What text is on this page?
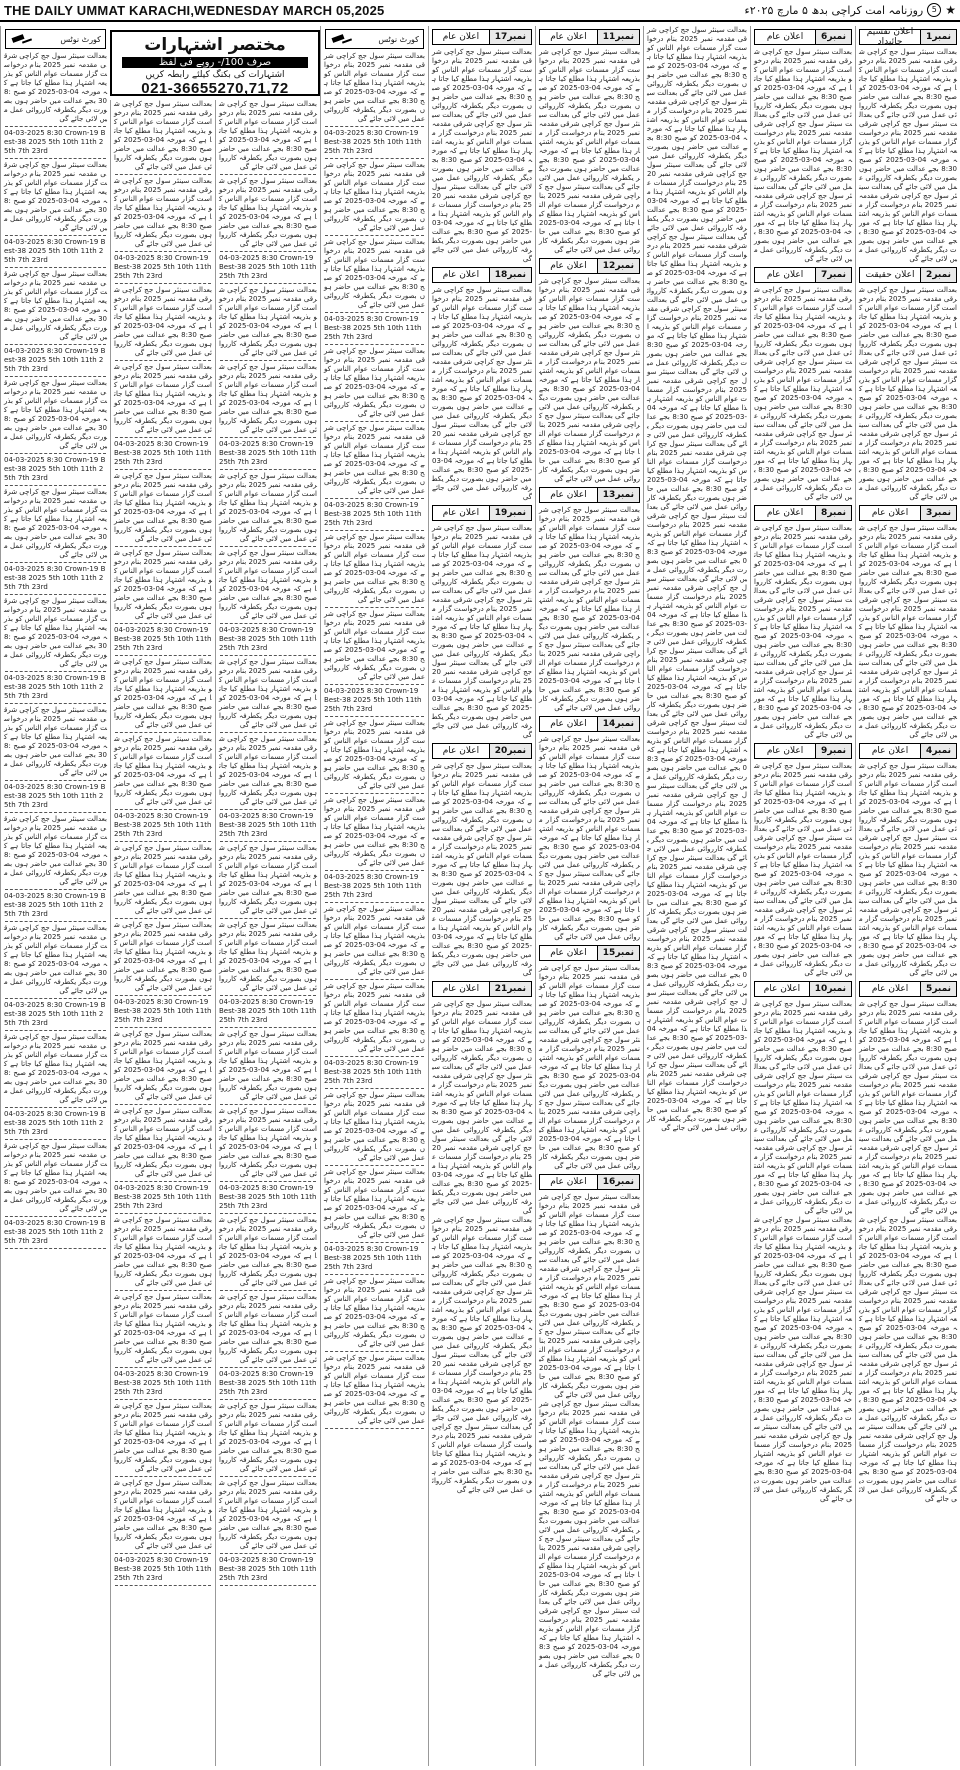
THE DAILY UMMAT KARACHI,WEDNESDAY MARCH 05,2025	★
5
روزنامہ امت کراچی بدھ ۵ مارچ ۲۰۲۵ء
کورٹ نوٹس
بعدالت سینئر سول جج کراچی شرقی مقدمہ نمبر 2025 بنام درخواست گزار مسمات عوام الناس کو بذریعہ اشتہار ہذا مطلع کیا جاتا ہے کہ مورخہ 04-03-2025 کو صبح 8:30 بجے عدالت میں حاضر ہوں بصورت دیگر یکطرفہ کارروائی عمل میں لائی جائے گی
04-03-2025 8:30 Crown-19 Best-38 2025 5th 10th 11th 25th 7th 23rd
بعدالت سینئر سول جج کراچی شرقی مقدمہ نمبر 2025 بنام درخواست گزار مسمات عوام الناس کو بذریعہ اشتہار ہذا مطلع کیا جاتا ہے کہ مورخہ 04-03-2025 کو صبح 8:30 بجے عدالت میں حاضر ہوں بصورت دیگر یکطرفہ کارروائی عمل میں لائی جائے گی
04-03-2025 8:30 Crown-19 Best-38 2025 5th 10th 11th 25th 7th 23rd
بعدالت سینئر سول جج کراچی شرقی مقدمہ نمبر 2025 بنام درخواست گزار مسمات عوام الناس کو بذریعہ اشتہار ہذا مطلع کیا جاتا ہے کہ مورخہ 04-03-2025 کو صبح 8:30 بجے عدالت میں حاضر ہوں بصورت دیگر یکطرفہ کارروائی عمل میں لائی جائے گی
04-03-2025 8:30 Crown-19 Best-38 2025 5th 10th 11th 25th 7th 23rd
بعدالت سینئر سول جج کراچی شرقی مقدمہ نمبر 2025 بنام درخواست گزار مسمات عوام الناس کو بذریعہ اشتہار ہذا مطلع کیا جاتا ہے کہ مورخہ 04-03-2025 کو صبح 8:30 بجے عدالت میں حاضر ہوں بصورت دیگر یکطرفہ کارروائی عمل میں لائی جائے گی
04-03-2025 8:30 Crown-19 Best-38 2025 5th 10th 11th 25th 7th 23rd
بعدالت سینئر سول جج کراچی شرقی مقدمہ نمبر 2025 بنام درخواست گزار مسمات عوام الناس کو بذریعہ اشتہار ہذا مطلع کیا جاتا ہے کہ مورخہ 04-03-2025 کو صبح 8:30 بجے عدالت میں حاضر ہوں بصورت دیگر یکطرفہ کارروائی عمل میں لائی جائے گی
04-03-2025 8:30 Crown-19 Best-38 2025 5th 10th 11th 25th 7th 23rd
بعدالت سینئر سول جج کراچی شرقی مقدمہ نمبر 2025 بنام درخواست گزار مسمات عوام الناس کو بذریعہ اشتہار ہذا مطلع کیا جاتا ہے کہ مورخہ 04-03-2025 کو صبح 8:30 بجے عدالت میں حاضر ہوں بصورت دیگر یکطرفہ کارروائی عمل میں لائی جائے گی
04-03-2025 8:30 Crown-19 Best-38 2025 5th 10th 11th 25th 7th 23rd
بعدالت سینئر سول جج کراچی شرقی مقدمہ نمبر 2025 بنام درخواست گزار مسمات عوام الناس کو بذریعہ اشتہار ہذا مطلع کیا جاتا ہے کہ مورخہ 04-03-2025 کو صبح 8:30 بجے عدالت میں حاضر ہوں بصورت دیگر یکطرفہ کارروائی عمل میں لائی جائے گی
04-03-2025 8:30 Crown-19 Best-38 2025 5th 10th 11th 25th 7th 23rd
بعدالت سینئر سول جج کراچی شرقی مقدمہ نمبر 2025 بنام درخواست گزار مسمات عوام الناس کو بذریعہ اشتہار ہذا مطلع کیا جاتا ہے کہ مورخہ 04-03-2025 کو صبح 8:30 بجے عدالت میں حاضر ہوں بصورت دیگر یکطرفہ کارروائی عمل میں لائی جائے گی
04-03-2025 8:30 Crown-19 Best-38 2025 5th 10th 11th 25th 7th 23rd
بعدالت سینئر سول جج کراچی شرقی مقدمہ نمبر 2025 بنام درخواست گزار مسمات عوام الناس کو بذریعہ اشتہار ہذا مطلع کیا جاتا ہے کہ مورخہ 04-03-2025 کو صبح 8:30 بجے عدالت میں حاضر ہوں بصورت دیگر یکطرفہ کارروائی عمل میں لائی جائے گی
04-03-2025 8:30 Crown-19 Best-38 2025 5th 10th 11th 25th 7th 23rd
بعدالت سینئر سول جج کراچی شرقی مقدمہ نمبر 2025 بنام درخواست گزار مسمات عوام الناس کو بذریعہ اشتہار ہذا مطلع کیا جاتا ہے کہ مورخہ 04-03-2025 کو صبح 8:30 بجے عدالت میں حاضر ہوں بصورت دیگر یکطرفہ کارروائی عمل میں لائی جائے گی
04-03-2025 8:30 Crown-19 Best-38 2025 5th 10th 11th 25th 7th 23rd
بعدالت سینئر سول جج کراچی شرقی مقدمہ نمبر 2025 بنام درخواست گزار مسمات عوام الناس کو بذریعہ اشتہار ہذا مطلع کیا جاتا ہے کہ مورخہ 04-03-2025 کو صبح 8:30 بجے عدالت میں حاضر ہوں بصورت دیگر یکطرفہ کارروائی عمل میں لائی جائے گی
04-03-2025 8:30 Crown-19 Best-38 2025 5th 10th 11th 25th 7th 23rd
بعدالت سینئر سول جج کراچی شرقی مقدمہ نمبر 2025 بنام درخواست گزار مسمات عوام الناس کو بذریعہ اشتہار ہذا مطلع کیا جاتا ہے کہ مورخہ 04-03-2025 کو صبح 8:30 بجے عدالت میں حاضر ہوں بصورت دیگر یکطرفہ کارروائی عمل میں لائی جائے گی
بعدالت سینئر سول جج کراچی شرقی مقدمہ نمبر 2025 بنام درخواست گزار مسمات عوام الناس کو بذریعہ اشتہار ہذا مطلع کیا جاتا ہے کہ مورخہ 04-03-2025 کو صبح 8:30 بجے عدالت میں حاضر ہوں بصورت دیگر یکطرفہ کارروائی عمل میں لائی جائے گی
04-03-2025 8:30 Crown-19 Best-38 2025 5th 10th 11th 25th 7th 23rd
بعدالت سینئر سول جج کراچی شرقی مقدمہ نمبر 2025 بنام درخواست گزار مسمات عوام الناس کو بذریعہ اشتہار ہذا مطلع کیا جاتا ہے کہ مورخہ 04-03-2025 کو صبح 8:30 بجے عدالت میں حاضر ہوں بصورت دیگر یکطرفہ کارروائی عمل میں لائی جائے گی
بعدالت سینئر سول جج کراچی شرقی مقدمہ نمبر 2025 بنام درخواست گزار مسمات عوام الناس کو بذریعہ اشتہار ہذا مطلع کیا جاتا ہے کہ مورخہ 04-03-2025 کو صبح 8:30 بجے عدالت میں حاضر ہوں بصورت دیگر یکطرفہ کارروائی عمل میں لائی جائے گی
04-03-2025 8:30 Crown-19 Best-38 2025 5th 10th 11th 25th 7th 23rd
بعدالت سینئر سول جج کراچی شرقی مقدمہ نمبر 2025 بنام درخواست گزار مسمات عوام الناس کو بذریعہ اشتہار ہذا مطلع کیا جاتا ہے کہ مورخہ 04-03-2025 کو صبح 8:30 بجے عدالت میں حاضر ہوں بصورت دیگر یکطرفہ کارروائی عمل میں لائی جائے گی
بعدالت سینئر سول جج کراچی شرقی مقدمہ نمبر 2025 بنام درخواست گزار مسمات عوام الناس کو بذریعہ اشتہار ہذا مطلع کیا جاتا ہے کہ مورخہ 04-03-2025 کو صبح 8:30 بجے عدالت میں حاضر ہوں بصورت دیگر یکطرفہ کارروائی عمل میں لائی جائے گی
04-03-2025 8:30 Crown-19 Best-38 2025 5th 10th 11th 25th 7th 23rd
بعدالت سینئر سول جج کراچی شرقی مقدمہ نمبر 2025 بنام درخواست گزار مسمات عوام الناس کو بذریعہ اشتہار ہذا مطلع کیا جاتا ہے کہ مورخہ 04-03-2025 کو صبح 8:30 بجے عدالت میں حاضر ہوں بصورت دیگر یکطرفہ کارروائی عمل میں لائی جائے گی
بعدالت سینئر سول جج کراچی شرقی مقدمہ نمبر 2025 بنام درخواست گزار مسمات عوام الناس کو بذریعہ اشتہار ہذا مطلع کیا جاتا ہے کہ مورخہ 04-03-2025 کو صبح 8:30 بجے عدالت میں حاضر ہوں بصورت دیگر یکطرفہ کارروائی عمل میں لائی جائے گی
04-03-2025 8:30 Crown-19 Best-38 2025 5th 10th 11th 25th 7th 23rd
بعدالت سینئر سول جج کراچی شرقی مقدمہ نمبر 2025 بنام درخواست گزار مسمات عوام الناس کو بذریعہ اشتہار ہذا مطلع کیا جاتا ہے کہ مورخہ 04-03-2025 کو صبح 8:30 بجے عدالت میں حاضر ہوں بصورت دیگر یکطرفہ کارروائی عمل میں لائی جائے گی
بعدالت سینئر سول جج کراچی شرقی مقدمہ نمبر 2025 بنام درخواست گزار مسمات عوام الناس کو بذریعہ اشتہار ہذا مطلع کیا جاتا ہے کہ مورخہ 04-03-2025 کو صبح 8:30 بجے عدالت میں حاضر ہوں بصورت دیگر یکطرفہ کارروائی عمل میں لائی جائے گی
04-03-2025 8:30 Crown-19 Best-38 2025 5th 10th 11th 25th 7th 23rd
بعدالت سینئر سول جج کراچی شرقی مقدمہ نمبر 2025 بنام درخواست گزار مسمات عوام الناس کو بذریعہ اشتہار ہذا مطلع کیا جاتا ہے کہ مورخہ 04-03-2025 کو صبح 8:30 بجے عدالت میں حاضر ہوں بصورت دیگر یکطرفہ کارروائی عمل میں لائی جائے گی
بعدالت سینئر سول جج کراچی شرقی مقدمہ نمبر 2025 بنام درخواست گزار مسمات عوام الناس کو بذریعہ اشتہار ہذا مطلع کیا جاتا ہے کہ مورخہ 04-03-2025 کو صبح 8:30 بجے عدالت میں حاضر ہوں بصورت دیگر یکطرفہ کارروائی عمل میں لائی جائے گی
04-03-2025 8:30 Crown-19 Best-38 2025 5th 10th 11th 25th 7th 23rd
بعدالت سینئر سول جج کراچی شرقی مقدمہ نمبر 2025 بنام درخواست گزار مسمات عوام الناس کو بذریعہ اشتہار ہذا مطلع کیا جاتا ہے کہ مورخہ 04-03-2025 کو صبح 8:30 بجے عدالت میں حاضر ہوں بصورت دیگر یکطرفہ کارروائی عمل میں لائی جائے گی
بعدالت سینئر سول جج کراچی شرقی مقدمہ نمبر 2025 بنام درخواست گزار مسمات عوام الناس کو بذریعہ اشتہار ہذا مطلع کیا جاتا ہے کہ مورخہ 04-03-2025 کو صبح 8:30 بجے عدالت میں حاضر ہوں بصورت دیگر یکطرفہ کارروائی عمل میں لائی جائے گی
04-03-2025 8:30 Crown-19 Best-38 2025 5th 10th 11th 25th 7th 23rd
بعدالت سینئر سول جج کراچی شرقی مقدمہ نمبر 2025 بنام درخواست گزار مسمات عوام الناس کو بذریعہ اشتہار ہذا مطلع کیا جاتا ہے کہ مورخہ 04-03-2025 کو صبح 8:30 بجے عدالت میں حاضر ہوں بصورت دیگر یکطرفہ کارروائی عمل میں لائی جائے گی
بعدالت سینئر سول جج کراچی شرقی مقدمہ نمبر 2025 بنام درخواست گزار مسمات عوام الناس کو بذریعہ اشتہار ہذا مطلع کیا جاتا ہے کہ مورخہ 04-03-2025 کو صبح 8:30 بجے عدالت میں حاضر ہوں بصورت دیگر یکطرفہ کارروائی عمل میں لائی جائے گی
04-03-2025 8:30 Crown-19 Best-38 2025 5th 10th 11th 25th 7th 23rd
بعدالت سینئر سول جج کراچی شرقی مقدمہ نمبر 2025 بنام درخواست گزار مسمات عوام الناس کو بذریعہ اشتہار ہذا مطلع کیا جاتا ہے کہ مورخہ 04-03-2025 کو صبح 8:30 بجے عدالت میں حاضر ہوں بصورت دیگر یکطرفہ کارروائی عمل میں لائی جائے گی
بعدالت سینئر سول جج کراچی شرقی مقدمہ نمبر 2025 بنام درخواست گزار مسمات عوام الناس کو بذریعہ اشتہار ہذا مطلع کیا جاتا ہے کہ مورخہ 04-03-2025 کو صبح 8:30 بجے عدالت میں حاضر ہوں بصورت دیگر یکطرفہ کارروائی عمل میں لائی جائے گی
04-03-2025 8:30 Crown-19 Best-38 2025 5th 10th 11th 25th 7th 23rd
بعدالت سینئر سول جج کراچی شرقی مقدمہ نمبر 2025 بنام درخواست گزار مسمات عوام الناس کو بذریعہ اشتہار ہذا مطلع کیا جاتا ہے کہ مورخہ 04-03-2025 کو صبح 8:30 بجے عدالت میں حاضر ہوں بصورت دیگر یکطرفہ کارروائی عمل میں لائی جائے گی
بعدالت سینئر سول جج کراچی شرقی مقدمہ نمبر 2025 بنام درخواست گزار مسمات عوام الناس کو بذریعہ اشتہار ہذا مطلع کیا جاتا ہے کہ مورخہ 04-03-2025 کو صبح 8:30 بجے عدالت میں حاضر ہوں بصورت دیگر یکطرفہ کارروائی عمل میں لائی جائے گی
04-03-2025 8:30 Crown-19 Best-38 2025 5th 10th 11th 25th 7th 23rd
بعدالت سینئر سول جج کراچی شرقی مقدمہ نمبر 2025 بنام درخواست گزار مسمات عوام الناس کو بذریعہ اشتہار ہذا مطلع کیا جاتا ہے کہ مورخہ 04-03-2025 کو صبح 8:30 بجے عدالت میں حاضر ہوں بصورت دیگر یکطرفہ کارروائی عمل میں لائی جائے گی
بعدالت سینئر سول جج کراچی شرقی مقدمہ نمبر 2025 بنام درخواست گزار مسمات عوام الناس کو بذریعہ اشتہار ہذا مطلع کیا جاتا ہے کہ مورخہ 04-03-2025 کو صبح 8:30 بجے عدالت میں حاضر ہوں بصورت دیگر یکطرفہ کارروائی عمل میں لائی جائے گی
04-03-2025 8:30 Crown-19 Best-38 2025 5th 10th 11th 25th 7th 23rd
بعدالت سینئر سول جج کراچی شرقی مقدمہ نمبر 2025 بنام درخواست گزار مسمات عوام الناس کو بذریعہ اشتہار ہذا مطلع کیا جاتا ہے کہ مورخہ 04-03-2025 کو صبح 8:30 بجے عدالت میں حاضر ہوں بصورت دیگر یکطرفہ کارروائی عمل میں لائی جائے گی
بعدالت سینئر سول جج کراچی شرقی مقدمہ نمبر 2025 بنام درخواست گزار مسمات عوام الناس کو بذریعہ اشتہار ہذا مطلع کیا جاتا ہے کہ مورخہ 04-03-2025 کو صبح 8:30 بجے عدالت میں حاضر ہوں بصورت دیگر یکطرفہ کارروائی عمل میں لائی جائے گی
04-03-2025 8:30 Crown-19 Best-38 2025 5th 10th 11th 25th 7th 23rd
بعدالت سینئر سول جج کراچی شرقی مقدمہ نمبر 2025 بنام درخواست گزار مسمات عوام الناس کو بذریعہ اشتہار ہذا مطلع کیا جاتا ہے کہ مورخہ 04-03-2025 کو صبح 8:30 بجے عدالت میں حاضر ہوں بصورت دیگر یکطرفہ کارروائی عمل میں لائی جائے گی
بعدالت سینئر سول جج کراچی شرقی مقدمہ نمبر 2025 بنام درخواست گزار مسمات عوام الناس کو بذریعہ اشتہار ہذا مطلع کیا جاتا ہے کہ مورخہ 04-03-2025 کو صبح 8:30 بجے عدالت میں حاضر ہوں بصورت دیگر یکطرفہ کارروائی عمل میں لائی جائے گی
04-03-2025 8:30 Crown-19 Best-38 2025 5th 10th 11th 25th 7th 23rd
بعدالت سینئر سول جج کراچی شرقی مقدمہ نمبر 2025 بنام درخواست گزار مسمات عوام الناس کو بذریعہ اشتہار ہذا مطلع کیا جاتا ہے کہ مورخہ 04-03-2025 کو صبح 8:30 بجے عدالت میں حاضر ہوں بصورت دیگر یکطرفہ کارروائی عمل میں لائی جائے گی
بعدالت سینئر سول جج کراچی شرقی مقدمہ نمبر 2025 بنام درخواست گزار مسمات عوام الناس کو بذریعہ اشتہار ہذا مطلع کیا جاتا ہے کہ مورخہ 04-03-2025 کو صبح 8:30 بجے عدالت میں حاضر ہوں بصورت دیگر یکطرفہ کارروائی عمل میں لائی جائے گی
04-03-2025 8:30 Crown-19 Best-38 2025 5th 10th 11th 25th 7th 23rd
بعدالت سینئر سول جج کراچی شرقی مقدمہ نمبر 2025 بنام درخواست گزار مسمات عوام الناس کو بذریعہ اشتہار ہذا مطلع کیا جاتا ہے کہ مورخہ 04-03-2025 کو صبح 8:30 بجے عدالت میں حاضر ہوں بصورت دیگر یکطرفہ کارروائی عمل میں لائی جائے گی
بعدالت سینئر سول جج کراچی شرقی مقدمہ نمبر 2025 بنام درخواست گزار مسمات عوام الناس کو بذریعہ اشتہار ہذا مطلع کیا جاتا ہے کہ مورخہ 04-03-2025 کو صبح 8:30 بجے عدالت میں حاضر ہوں بصورت دیگر یکطرفہ کارروائی عمل میں لائی جائے گی
04-03-2025 8:30 Crown-19 Best-38 2025 5th 10th 11th 25th 7th 23rd
بعدالت سینئر سول جج کراچی شرقی مقدمہ نمبر 2025 بنام درخواست گزار مسمات عوام الناس کو بذریعہ اشتہار ہذا مطلع کیا جاتا ہے کہ مورخہ 04-03-2025 کو صبح 8:30 بجے عدالت میں حاضر ہوں بصورت دیگر یکطرفہ کارروائی عمل میں لائی جائے گی
بعدالت سینئر سول جج کراچی شرقی مقدمہ نمبر 2025 بنام درخواست گزار مسمات عوام الناس کو بذریعہ اشتہار ہذا مطلع کیا جاتا ہے کہ مورخہ 04-03-2025 کو صبح 8:30 بجے عدالت میں حاضر ہوں بصورت دیگر یکطرفہ کارروائی عمل میں لائی جائے گی
04-03-2025 8:30 Crown-19 Best-38 2025 5th 10th 11th 25th 7th 23rd
کورٹ نوٹس
بعدالت سینئر سول جج کراچی شرقی مقدمہ نمبر 2025 بنام درخواست گزار مسمات عوام الناس کو بذریعہ اشتہار ہذا مطلع کیا جاتا ہے کہ مورخہ 04-03-2025 کو صبح 8:30 بجے عدالت میں حاضر ہوں بصورت دیگر یکطرفہ کارروائی عمل میں لائی جائے گی
04-03-2025 8:30 Crown-19 Best-38 2025 5th 10th 11th 25th 7th 23rd
بعدالت سینئر سول جج کراچی شرقی مقدمہ نمبر 2025 بنام درخواست گزار مسمات عوام الناس کو بذریعہ اشتہار ہذا مطلع کیا جاتا ہے کہ مورخہ 04-03-2025 کو صبح 8:30 بجے عدالت میں حاضر ہوں بصورت دیگر یکطرفہ کارروائی عمل میں لائی جائے گی
بعدالت سینئر سول جج کراچی شرقی مقدمہ نمبر 2025 بنام درخواست گزار مسمات عوام الناس کو بذریعہ اشتہار ہذا مطلع کیا جاتا ہے کہ مورخہ 04-03-2025 کو صبح 8:30 بجے عدالت میں حاضر ہوں بصورت دیگر یکطرفہ کارروائی عمل میں لائی جائے گی
04-03-2025 8:30 Crown-19 Best-38 2025 5th 10th 11th 25th 7th 23rd
بعدالت سینئر سول جج کراچی شرقی مقدمہ نمبر 2025 بنام درخواست گزار مسمات عوام الناس کو بذریعہ اشتہار ہذا مطلع کیا جاتا ہے کہ مورخہ 04-03-2025 کو صبح 8:30 بجے عدالت میں حاضر ہوں بصورت دیگر یکطرفہ کارروائی عمل میں لائی جائے گی
بعدالت سینئر سول جج کراچی شرقی مقدمہ نمبر 2025 بنام درخواست گزار مسمات عوام الناس کو بذریعہ اشتہار ہذا مطلع کیا جاتا ہے کہ مورخہ 04-03-2025 کو صبح 8:30 بجے عدالت میں حاضر ہوں بصورت دیگر یکطرفہ کارروائی عمل میں لائی جائے گی
04-03-2025 8:30 Crown-19 Best-38 2025 5th 10th 11th 25th 7th 23rd
بعدالت سینئر سول جج کراچی شرقی مقدمہ نمبر 2025 بنام درخواست گزار مسمات عوام الناس کو بذریعہ اشتہار ہذا مطلع کیا جاتا ہے کہ مورخہ 04-03-2025 کو صبح 8:30 بجے عدالت میں حاضر ہوں بصورت دیگر یکطرفہ کارروائی عمل میں لائی جائے گی
بعدالت سینئر سول جج کراچی شرقی مقدمہ نمبر 2025 بنام درخواست گزار مسمات عوام الناس کو بذریعہ اشتہار ہذا مطلع کیا جاتا ہے کہ مورخہ 04-03-2025 کو صبح 8:30 بجے عدالت میں حاضر ہوں بصورت دیگر یکطرفہ کارروائی عمل میں لائی جائے گی
04-03-2025 8:30 Crown-19 Best-38 2025 5th 10th 11th 25th 7th 23rd
بعدالت سینئر سول جج کراچی شرقی مقدمہ نمبر 2025 بنام درخواست گزار مسمات عوام الناس کو بذریعہ اشتہار ہذا مطلع کیا جاتا ہے کہ مورخہ 04-03-2025 کو صبح 8:30 بجے عدالت میں حاضر ہوں بصورت دیگر یکطرفہ کارروائی عمل میں لائی جائے گی
بعدالت سینئر سول جج کراچی شرقی مقدمہ نمبر 2025 بنام درخواست گزار مسمات عوام الناس کو بذریعہ اشتہار ہذا مطلع کیا جاتا ہے کہ مورخہ 04-03-2025 کو صبح 8:30 بجے عدالت میں حاضر ہوں بصورت دیگر یکطرفہ کارروائی عمل میں لائی جائے گی
04-03-2025 8:30 Crown-19 Best-38 2025 5th 10th 11th 25th 7th 23rd
بعدالت سینئر سول جج کراچی شرقی مقدمہ نمبر 2025 بنام درخواست گزار مسمات عوام الناس کو بذریعہ اشتہار ہذا مطلع کیا جاتا ہے کہ مورخہ 04-03-2025 کو صبح 8:30 بجے عدالت میں حاضر ہوں بصورت دیگر یکطرفہ کارروائی عمل میں لائی جائے گی
بعدالت سینئر سول جج کراچی شرقی مقدمہ نمبر 2025 بنام درخواست گزار مسمات عوام الناس کو بذریعہ اشتہار ہذا مطلع کیا جاتا ہے کہ مورخہ 04-03-2025 کو صبح 8:30 بجے عدالت میں حاضر ہوں بصورت دیگر یکطرفہ کارروائی عمل میں لائی جائے گی
04-03-2025 8:30 Crown-19 Best-38 2025 5th 10th 11th 25th 7th 23rd
بعدالت سینئر سول جج کراچی شرقی مقدمہ نمبر 2025 بنام درخواست گزار مسمات عوام الناس کو بذریعہ اشتہار ہذا مطلع کیا جاتا ہے کہ مورخہ 04-03-2025 کو صبح 8:30 بجے عدالت میں حاضر ہوں بصورت دیگر یکطرفہ کارروائی عمل میں لائی جائے گی
بعدالت سینئر سول جج کراچی شرقی مقدمہ نمبر 2025 بنام درخواست گزار مسمات عوام الناس کو بذریعہ اشتہار ہذا مطلع کیا جاتا ہے کہ مورخہ 04-03-2025 کو صبح 8:30 بجے عدالت میں حاضر ہوں بصورت دیگر یکطرفہ کارروائی عمل میں لائی جائے گی
04-03-2025 8:30 Crown-19 Best-38 2025 5th 10th 11th 25th 7th 23rd
بعدالت سینئر سول جج کراچی شرقی مقدمہ نمبر 2025 بنام درخواست گزار مسمات عوام الناس کو بذریعہ اشتہار ہذا مطلع کیا جاتا ہے کہ مورخہ 04-03-2025 کو صبح 8:30 بجے عدالت میں حاضر ہوں بصورت دیگر یکطرفہ کارروائی عمل میں لائی جائے گی
بعدالت سینئر سول جج کراچی شرقی مقدمہ نمبر 2025 بنام درخواست گزار مسمات عوام الناس کو بذریعہ اشتہار ہذا مطلع کیا جاتا ہے کہ مورخہ 04-03-2025 کو صبح 8:30 بجے عدالت میں حاضر ہوں بصورت دیگر یکطرفہ کارروائی عمل میں لائی جائے گی
نمبر17
اعلان عام
بعدالت سینئر سول جج کراچی شرقی مقدمہ نمبر 2025 بنام درخواست گزار مسمات عوام الناس کو بذریعہ اشتہار ہذا مطلع کیا جاتا ہے کہ مورخہ 04-03-2025 کو صبح 8:30 بجے عدالت میں حاضر ہوں بصورت دیگر یکطرفہ کارروائی عمل میں لائی جائے گی بعدالت سینئر سول جج کراچی شرقی مقدمہ نمبر 2025 بنام درخواست گزار مسمات عوام الناس کو بذریعہ اشتہار ہذا مطلع کیا جاتا ہے کہ مورخہ 04-03-2025 کو صبح 8:30 بجے عدالت میں حاضر ہوں بصورت دیگر یکطرفہ کارروائی عمل میں لائی جائے گی بعدالت سینئر سول جج کراچی شرقی مقدمہ نمبر 2025 بنام درخواست گزار مسمات عوام الناس کو بذریعہ اشتہار ہذا مطلع کیا جاتا ہے کہ مورخہ 04-03-2025 کو صبح 8:30 بجے عدالت میں حاضر ہوں بصورت دیگر یکطرفہ کارروائی عمل میں لائی جائے گی
نمبر18
اعلان عام
بعدالت سینئر سول جج کراچی شرقی مقدمہ نمبر 2025 بنام درخواست گزار مسمات عوام الناس کو بذریعہ اشتہار ہذا مطلع کیا جاتا ہے کہ مورخہ 04-03-2025 کو صبح 8:30 بجے عدالت میں حاضر ہوں بصورت دیگر یکطرفہ کارروائی عمل میں لائی جائے گی بعدالت سینئر سول جج کراچی شرقی مقدمہ نمبر 2025 بنام درخواست گزار مسمات عوام الناس کو بذریعہ اشتہار ہذا مطلع کیا جاتا ہے کہ مورخہ 04-03-2025 کو صبح 8:30 بجے عدالت میں حاضر ہوں بصورت دیگر یکطرفہ کارروائی عمل میں لائی جائے گی بعدالت سینئر سول جج کراچی شرقی مقدمہ نمبر 2025 بنام درخواست گزار مسمات عوام الناس کو بذریعہ اشتہار ہذا مطلع کیا جاتا ہے کہ مورخہ 04-03-2025 کو صبح 8:30 بجے عدالت میں حاضر ہوں بصورت دیگر یکطرفہ کارروائی عمل میں لائی جائے گی
نمبر19
اعلان عام
بعدالت سینئر سول جج کراچی شرقی مقدمہ نمبر 2025 بنام درخواست گزار مسمات عوام الناس کو بذریعہ اشتہار ہذا مطلع کیا جاتا ہے کہ مورخہ 04-03-2025 کو صبح 8:30 بجے عدالت میں حاضر ہوں بصورت دیگر یکطرفہ کارروائی عمل میں لائی جائے گی بعدالت سینئر سول جج کراچی شرقی مقدمہ نمبر 2025 بنام درخواست گزار مسمات عوام الناس کو بذریعہ اشتہار ہذا مطلع کیا جاتا ہے کہ مورخہ 04-03-2025 کو صبح 8:30 بجے عدالت میں حاضر ہوں بصورت دیگر یکطرفہ کارروائی عمل میں لائی جائے گی بعدالت سینئر سول جج کراچی شرقی مقدمہ نمبر 2025 بنام درخواست گزار مسمات عوام الناس کو بذریعہ اشتہار ہذا مطلع کیا جاتا ہے کہ مورخہ 04-03-2025 کو صبح 8:30 بجے عدالت میں حاضر ہوں بصورت دیگر یکطرفہ کارروائی عمل میں لائی جائے گی
نمبر20
اعلان عام
بعدالت سینئر سول جج کراچی شرقی مقدمہ نمبر 2025 بنام درخواست گزار مسمات عوام الناس کو بذریعہ اشتہار ہذا مطلع کیا جاتا ہے کہ مورخہ 04-03-2025 کو صبح 8:30 بجے عدالت میں حاضر ہوں بصورت دیگر یکطرفہ کارروائی عمل میں لائی جائے گی بعدالت سینئر سول جج کراچی شرقی مقدمہ نمبر 2025 بنام درخواست گزار مسمات عوام الناس کو بذریعہ اشتہار ہذا مطلع کیا جاتا ہے کہ مورخہ 04-03-2025 کو صبح 8:30 بجے عدالت میں حاضر ہوں بصورت دیگر یکطرفہ کارروائی عمل میں لائی جائے گی بعدالت سینئر سول جج کراچی شرقی مقدمہ نمبر 2025 بنام درخواست گزار مسمات عوام الناس کو بذریعہ اشتہار ہذا مطلع کیا جاتا ہے کہ مورخہ 04-03-2025 کو صبح 8:30 بجے عدالت میں حاضر ہوں بصورت دیگر یکطرفہ کارروائی عمل میں لائی جائے گی
نمبر21
اعلان عام
بعدالت سینئر سول جج کراچی شرقی مقدمہ نمبر 2025 بنام درخواست گزار مسمات عوام الناس کو بذریعہ اشتہار ہذا مطلع کیا جاتا ہے کہ مورخہ 04-03-2025 کو صبح 8:30 بجے عدالت میں حاضر ہوں بصورت دیگر یکطرفہ کارروائی عمل میں لائی جائے گی بعدالت سینئر سول جج کراچی شرقی مقدمہ نمبر 2025 بنام درخواست گزار مسمات عوام الناس کو بذریعہ اشتہار ہذا مطلع کیا جاتا ہے کہ مورخہ 04-03-2025 کو صبح 8:30 بجے عدالت میں حاضر ہوں بصورت دیگر یکطرفہ کارروائی عمل میں لائی جائے گی بعدالت سینئر سول جج کراچی شرقی مقدمہ نمبر 2025 بنام درخواست گزار مسمات عوام الناس کو بذریعہ اشتہار ہذا مطلع کیا جاتا ہے کہ مورخہ 04-03-2025 کو صبح 8:30 بجے عدالت میں حاضر ہوں بصورت دیگر یکطرفہ کارروائی عمل میں لائی جائے گی
بعدالت سینئر سول جج کراچی شرقی مقدمہ نمبر 2025 بنام درخواست گزار مسمات عوام الناس کو بذریعہ اشتہار ہذا مطلع کیا جاتا ہے کہ مورخہ 04-03-2025 کو صبح 8:30 بجے عدالت میں حاضر ہوں بصورت دیگر یکطرفہ کارروائی عمل میں لائی جائے گی بعدالت سینئر سول جج کراچی شرقی مقدمہ نمبر 2025 بنام درخواست گزار مسمات عوام الناس کو بذریعہ اشتہار ہذا مطلع کیا جاتا ہے کہ مورخہ 04-03-2025 کو صبح 8:30 بجے عدالت میں حاضر ہوں بصورت دیگر یکطرفہ کارروائی عمل میں لائی جائے گی بعدالت سینئر سول جج کراچی شرقی مقدمہ نمبر 2025 بنام درخواست گزار مسمات عوام الناس کو بذریعہ اشتہار ہذا مطلع کیا جاتا ہے کہ مورخہ 04-03-2025 کو صبح 8:30 بجے عدالت میں حاضر ہوں بصورت دیگر یکطرفہ کارروائی عمل میں لائی جائے گی بعدالت سینئر سول جج کراچی شرقی مقدمہ نمبر 2025 بنام درخواست گزار مسمات عوام الناس کو بذریعہ اشتہار ہذا مطلع کیا جاتا ہے کہ مورخہ 04-03-2025 کو صبح 8:30 بجے عدالت میں حاضر ہوں بصورت دیگر یکطرفہ کارروائی عمل میں لائی جائے گی
نمبر11
اعلان عام
بعدالت سینئر سول جج کراچی شرقی مقدمہ نمبر 2025 بنام درخواست گزار مسمات عوام الناس کو بذریعہ اشتہار ہذا مطلع کیا جاتا ہے کہ مورخہ 04-03-2025 کو صبح 8:30 بجے عدالت میں حاضر ہوں بصورت دیگر یکطرفہ کارروائی عمل میں لائی جائے گی بعدالت سینئر سول جج کراچی شرقی مقدمہ نمبر 2025 بنام درخواست گزار مسمات عوام الناس کو بذریعہ اشتہار ہذا مطلع کیا جاتا ہے کہ مورخہ 04-03-2025 کو صبح 8:30 بجے عدالت میں حاضر ہوں بصورت دیگر یکطرفہ کارروائی عمل میں لائی جائے گی بعدالت سینئر سول جج کراچی شرقی مقدمہ نمبر 2025 بنام درخواست گزار مسمات عوام الناس کو بذریعہ اشتہار ہذا مطلع کیا جاتا ہے کہ مورخہ 04-03-2025 کو صبح 8:30 بجے عدالت میں حاضر ہوں بصورت دیگر یکطرفہ کارروائی عمل میں لائی جائے گی
نمبر12
اعلان عام
بعدالت سینئر سول جج کراچی شرقی مقدمہ نمبر 2025 بنام درخواست گزار مسمات عوام الناس کو بذریعہ اشتہار ہذا مطلع کیا جاتا ہے کہ مورخہ 04-03-2025 کو صبح 8:30 بجے عدالت میں حاضر ہوں بصورت دیگر یکطرفہ کارروائی عمل میں لائی جائے گی بعدالت سینئر سول جج کراچی شرقی مقدمہ نمبر 2025 بنام درخواست گزار مسمات عوام الناس کو بذریعہ اشتہار ہذا مطلع کیا جاتا ہے کہ مورخہ 04-03-2025 کو صبح 8:30 بجے عدالت میں حاضر ہوں بصورت دیگر یکطرفہ کارروائی عمل میں لائی جائے گی بعدالت سینئر سول جج کراچی شرقی مقدمہ نمبر 2025 بنام درخواست گزار مسمات عوام الناس کو بذریعہ اشتہار ہذا مطلع کیا جاتا ہے کہ مورخہ 04-03-2025 کو صبح 8:30 بجے عدالت میں حاضر ہوں بصورت دیگر یکطرفہ کارروائی عمل میں لائی جائے گی
نمبر13
اعلان عام
بعدالت سینئر سول جج کراچی شرقی مقدمہ نمبر 2025 بنام درخواست گزار مسمات عوام الناس کو بذریعہ اشتہار ہذا مطلع کیا جاتا ہے کہ مورخہ 04-03-2025 کو صبح 8:30 بجے عدالت میں حاضر ہوں بصورت دیگر یکطرفہ کارروائی عمل میں لائی جائے گی بعدالت سینئر سول جج کراچی شرقی مقدمہ نمبر 2025 بنام درخواست گزار مسمات عوام الناس کو بذریعہ اشتہار ہذا مطلع کیا جاتا ہے کہ مورخہ 04-03-2025 کو صبح 8:30 بجے عدالت میں حاضر ہوں بصورت دیگر یکطرفہ کارروائی عمل میں لائی جائے گی بعدالت سینئر سول جج کراچی شرقی مقدمہ نمبر 2025 بنام درخواست گزار مسمات عوام الناس کو بذریعہ اشتہار ہذا مطلع کیا جاتا ہے کہ مورخہ 04-03-2025 کو صبح 8:30 بجے عدالت میں حاضر ہوں بصورت دیگر یکطرفہ کارروائی عمل میں لائی جائے گی
نمبر14
اعلان عام
بعدالت سینئر سول جج کراچی شرقی مقدمہ نمبر 2025 بنام درخواست گزار مسمات عوام الناس کو بذریعہ اشتہار ہذا مطلع کیا جاتا ہے کہ مورخہ 04-03-2025 کو صبح 8:30 بجے عدالت میں حاضر ہوں بصورت دیگر یکطرفہ کارروائی عمل میں لائی جائے گی بعدالت سینئر سول جج کراچی شرقی مقدمہ نمبر 2025 بنام درخواست گزار مسمات عوام الناس کو بذریعہ اشتہار ہذا مطلع کیا جاتا ہے کہ مورخہ 04-03-2025 کو صبح 8:30 بجے عدالت میں حاضر ہوں بصورت دیگر یکطرفہ کارروائی عمل میں لائی جائے گی بعدالت سینئر سول جج کراچی شرقی مقدمہ نمبر 2025 بنام درخواست گزار مسمات عوام الناس کو بذریعہ اشتہار ہذا مطلع کیا جاتا ہے کہ مورخہ 04-03-2025 کو صبح 8:30 بجے عدالت میں حاضر ہوں بصورت دیگر یکطرفہ کارروائی عمل میں لائی جائے گی
نمبر15
اعلان عام
بعدالت سینئر سول جج کراچی شرقی مقدمہ نمبر 2025 بنام درخواست گزار مسمات عوام الناس کو بذریعہ اشتہار ہذا مطلع کیا جاتا ہے کہ مورخہ 04-03-2025 کو صبح 8:30 بجے عدالت میں حاضر ہوں بصورت دیگر یکطرفہ کارروائی عمل میں لائی جائے گی بعدالت سینئر سول جج کراچی شرقی مقدمہ نمبر 2025 بنام درخواست گزار مسمات عوام الناس کو بذریعہ اشتہار ہذا مطلع کیا جاتا ہے کہ مورخہ 04-03-2025 کو صبح 8:30 بجے عدالت میں حاضر ہوں بصورت دیگر یکطرفہ کارروائی عمل میں لائی جائے گی بعدالت سینئر سول جج کراچی شرقی مقدمہ نمبر 2025 بنام درخواست گزار مسمات عوام الناس کو بذریعہ اشتہار ہذا مطلع کیا جاتا ہے کہ مورخہ 04-03-2025 کو صبح 8:30 بجے عدالت میں حاضر ہوں بصورت دیگر یکطرفہ کارروائی عمل میں لائی جائے گی
نمبر16
اعلان عام
بعدالت سینئر سول جج کراچی شرقی مقدمہ نمبر 2025 بنام درخواست گزار مسمات عوام الناس کو بذریعہ اشتہار ہذا مطلع کیا جاتا ہے کہ مورخہ 04-03-2025 کو صبح 8:30 بجے عدالت میں حاضر ہوں بصورت دیگر یکطرفہ کارروائی عمل میں لائی جائے گی بعدالت سینئر سول جج کراچی شرقی مقدمہ نمبر 2025 بنام درخواست گزار مسمات عوام الناس کو بذریعہ اشتہار ہذا مطلع کیا جاتا ہے کہ مورخہ 04-03-2025 کو صبح 8:30 بجے عدالت میں حاضر ہوں بصورت دیگر یکطرفہ کارروائی عمل میں لائی جائے گی بعدالت سینئر سول جج کراچی شرقی مقدمہ نمبر 2025 بنام درخواست گزار مسمات عوام الناس کو بذریعہ اشتہار ہذا مطلع کیا جاتا ہے کہ مورخہ 04-03-2025 کو صبح 8:30 بجے عدالت میں حاضر ہوں بصورت دیگر یکطرفہ کارروائی عمل میں لائی جائے گی
بعدالت سینئر سول جج کراچی شرقی مقدمہ نمبر 2025 بنام درخواست گزار مسمات عوام الناس کو بذریعہ اشتہار ہذا مطلع کیا جاتا ہے کہ مورخہ 04-03-2025 کو صبح 8:30 بجے عدالت میں حاضر ہوں بصورت دیگر یکطرفہ کارروائی عمل میں لائی جائے گی بعدالت سینئر سول جج کراچی شرقی مقدمہ نمبر 2025 بنام درخواست گزار مسمات عوام الناس کو بذریعہ اشتہار ہذا مطلع کیا جاتا ہے کہ مورخہ 04-03-2025 کو صبح 8:30 بجے عدالت میں حاضر ہوں بصورت دیگر یکطرفہ کارروائی عمل میں لائی جائے گی بعدالت سینئر سول جج کراچی شرقی مقدمہ نمبر 2025 بنام درخواست گزار مسمات عوام الناس کو بذریعہ اشتہار ہذا مطلع کیا جاتا ہے کہ مورخہ 04-03-2025 کو صبح 8:30 بجے عدالت میں حاضر ہوں بصورت دیگر یکطرفہ کارروائی عمل میں لائی جائے گی بعدالت سینئر سول جج کراچی شرقی مقدمہ نمبر 2025 بنام درخواست گزار مسمات عوام الناس کو بذریعہ اشتہار ہذا مطلع کیا جاتا ہے کہ مورخہ 04-03-2025 کو صبح 8:30 بجے عدالت میں حاضر ہوں بصورت دیگر یکطرفہ کارروائی عمل میں لائی جائے گی
بعدالت سینئر سول جج کراچی شرقی مقدمہ نمبر 2025 بنام درخواست گزار مسمات عوام الناس کو بذریعہ اشتہار ہذا مطلع کیا جاتا ہے کہ مورخہ 04-03-2025 کو صبح 8:30 بجے عدالت میں حاضر ہوں بصورت دیگر یکطرفہ کارروائی عمل میں لائی جائے گی بعدالت سینئر سول جج کراچی شرقی مقدمہ نمبر 2025 بنام درخواست گزار مسمات عوام الناس کو بذریعہ اشتہار ہذا مطلع کیا جاتا ہے کہ مورخہ 04-03-2025 کو صبح 8:30 بجے عدالت میں حاضر ہوں بصورت دیگر یکطرفہ کارروائی عمل میں لائی جائے گی بعدالت سینئر سول جج کراچی شرقی مقدمہ نمبر 2025 بنام درخواست گزار مسمات عوام الناس کو بذریعہ اشتہار ہذا مطلع کیا جاتا ہے کہ مورخہ 04-03-2025 کو صبح 8:30 بجے عدالت میں حاضر ہوں بصورت دیگر یکطرفہ کارروائی عمل میں لائی جائے گی بعدالت سینئر سول جج کراچی شرقی مقدمہ نمبر 2025 بنام درخواست گزار مسمات عوام الناس کو بذریعہ اشتہار ہذا مطلع کیا جاتا ہے کہ مورخہ 04-03-2025 کو صبح 8:30 بجے عدالت میں حاضر ہوں بصورت دیگر یکطرفہ کارروائی عمل میں لائی جائے گی بعدالت سینئر سول جج کراچی شرقی مقدمہ نمبر 2025 بنام درخواست گزار مسمات عوام الناس کو بذریعہ اشتہار ہذا مطلع کیا جاتا ہے کہ مورخہ 04-03-2025 کو صبح 8:30 بجے عدالت میں حاضر ہوں بصورت دیگر یکطرفہ کارروائی عمل میں لائی جائے گی بعدالت سینئر سول جج کراچی شرقی مقدمہ نمبر 2025 بنام درخواست گزار مسمات عوام الناس کو بذریعہ اشتہار ہذا مطلع کیا جاتا ہے کہ مورخہ 04-03-2025 کو صبح 8:30 بجے عدالت میں حاضر ہوں بصورت دیگر یکطرفہ کارروائی عمل میں لائی جائے گی بعدالت سینئر سول جج کراچی شرقی مقدمہ نمبر 2025 بنام درخواست گزار مسمات عوام الناس کو بذریعہ اشتہار ہذا مطلع کیا جاتا ہے کہ مورخہ 04-03-2025 کو صبح 8:30 بجے عدالت میں حاضر ہوں بصورت دیگر یکطرفہ کارروائی عمل میں لائی جائے گی بعدالت سینئر سول جج کراچی شرقی مقدمہ نمبر 2025 بنام درخواست گزار مسمات عوام الناس کو بذریعہ اشتہار ہذا مطلع کیا جاتا ہے کہ مورخہ 04-03-2025 کو صبح 8:30 بجے عدالت میں حاضر ہوں بصورت دیگر یکطرفہ کارروائی عمل میں لائی جائے گی بعدالت سینئر سول جج کراچی شرقی مقدمہ نمبر 2025 بنام درخواست گزار مسمات عوام الناس کو بذریعہ اشتہار ہذا مطلع کیا جاتا ہے کہ مورخہ 04-03-2025 کو صبح 8:30 بجے عدالت میں حاضر ہوں بصورت دیگر یکطرفہ کارروائی عمل میں لائی جائے گی بعدالت سینئر سول جج کراچی شرقی مقدمہ نمبر 2025 بنام درخواست گزار مسمات عوام الناس کو بذریعہ اشتہار ہذا مطلع کیا جاتا ہے کہ مورخہ 04-03-2025 کو صبح 8:30 بجے عدالت میں حاضر ہوں بصورت دیگر یکطرفہ کارروائی عمل میں لائی جائے گی بعدالت سینئر سول جج کراچی شرقی مقدمہ نمبر 2025 بنام درخواست گزار مسمات عوام الناس کو بذریعہ اشتہار ہذا مطلع کیا جاتا ہے کہ مورخہ 04-03-2025 کو صبح 8:30 بجے عدالت میں حاضر ہوں بصورت دیگر یکطرفہ کارروائی عمل میں لائی جائے گی بعدالت سینئر سول جج کراچی شرقی مقدمہ نمبر 2025 بنام درخواست گزار مسمات عوام الناس کو بذریعہ اشتہار ہذا مطلع کیا جاتا ہے کہ مورخہ 04-03-2025 کو صبح 8:30 بجے عدالت میں حاضر ہوں بصورت دیگر یکطرفہ کارروائی عمل میں لائی جائے گی بعدالت سینئر سول جج کراچی شرقی مقدمہ نمبر 2025 بنام درخواست گزار مسمات عوام الناس کو بذریعہ اشتہار ہذا مطلع کیا جاتا ہے کہ مورخہ 04-03-2025 کو صبح 8:30 بجے عدالت میں حاضر ہوں بصورت دیگر یکطرفہ کارروائی عمل میں لائی جائے گی بعدالت سینئر سول جج کراچی شرقی مقدمہ نمبر 2025 بنام درخواست گزار مسمات عوام الناس کو بذریعہ اشتہار ہذا مطلع کیا جاتا ہے کہ مورخہ 04-03-2025 کو صبح 8:30 بجے عدالت میں حاضر ہوں بصورت دیگر یکطرفہ کارروائی عمل میں لائی جائے گی بعدالت سینئر سول جج کراچی شرقی مقدمہ نمبر 2025 بنام درخواست گزار مسمات عوام الناس کو بذریعہ اشتہار ہذا مطلع کیا جاتا ہے کہ مورخہ 04-03-2025 کو صبح 8:30 بجے عدالت میں حاضر ہوں بصورت دیگر یکطرفہ کارروائی عمل میں لائی جائے گی بعدالت سینئر سول جج کراچی شرقی مقدمہ نمبر 2025 بنام درخواست گزار مسمات عوام الناس کو بذریعہ اشتہار ہذا مطلع کیا جاتا ہے کہ مورخہ 04-03-2025 کو صبح 8:30 بجے عدالت میں حاضر ہوں بصورت دیگر یکطرفہ کارروائی عمل میں لائی جائے گی
نمبر6
اعلان عام
بعدالت سینئر سول جج کراچی شرقی مقدمہ نمبر 2025 بنام درخواست گزار مسمات عوام الناس کو بذریعہ اشتہار ہذا مطلع کیا جاتا ہے کہ مورخہ 04-03-2025 کو صبح 8:30 بجے عدالت میں حاضر ہوں بصورت دیگر یکطرفہ کارروائی عمل میں لائی جائے گی بعدالت سینئر سول جج کراچی شرقی مقدمہ نمبر 2025 بنام درخواست گزار مسمات عوام الناس کو بذریعہ اشتہار ہذا مطلع کیا جاتا ہے کہ مورخہ 04-03-2025 کو صبح 8:30 بجے عدالت میں حاضر ہوں بصورت دیگر یکطرفہ کارروائی عمل میں لائی جائے گی بعدالت سینئر سول جج کراچی شرقی مقدمہ نمبر 2025 بنام درخواست گزار مسمات عوام الناس کو بذریعہ اشتہار ہذا مطلع کیا جاتا ہے کہ مورخہ 04-03-2025 کو صبح 8:30 بجے عدالت میں حاضر ہوں بصورت دیگر یکطرفہ کارروائی عمل میں لائی جائے گی
نمبر7
اعلان عام
بعدالت سینئر سول جج کراچی شرقی مقدمہ نمبر 2025 بنام درخواست گزار مسمات عوام الناس کو بذریعہ اشتہار ہذا مطلع کیا جاتا ہے کہ مورخہ 04-03-2025 کو صبح 8:30 بجے عدالت میں حاضر ہوں بصورت دیگر یکطرفہ کارروائی عمل میں لائی جائے گی بعدالت سینئر سول جج کراچی شرقی مقدمہ نمبر 2025 بنام درخواست گزار مسمات عوام الناس کو بذریعہ اشتہار ہذا مطلع کیا جاتا ہے کہ مورخہ 04-03-2025 کو صبح 8:30 بجے عدالت میں حاضر ہوں بصورت دیگر یکطرفہ کارروائی عمل میں لائی جائے گی بعدالت سینئر سول جج کراچی شرقی مقدمہ نمبر 2025 بنام درخواست گزار مسمات عوام الناس کو بذریعہ اشتہار ہذا مطلع کیا جاتا ہے کہ مورخہ 04-03-2025 کو صبح 8:30 بجے عدالت میں حاضر ہوں بصورت دیگر یکطرفہ کارروائی عمل میں لائی جائے گی
نمبر8
اعلان عام
بعدالت سینئر سول جج کراچی شرقی مقدمہ نمبر 2025 بنام درخواست گزار مسمات عوام الناس کو بذریعہ اشتہار ہذا مطلع کیا جاتا ہے کہ مورخہ 04-03-2025 کو صبح 8:30 بجے عدالت میں حاضر ہوں بصورت دیگر یکطرفہ کارروائی عمل میں لائی جائے گی بعدالت سینئر سول جج کراچی شرقی مقدمہ نمبر 2025 بنام درخواست گزار مسمات عوام الناس کو بذریعہ اشتہار ہذا مطلع کیا جاتا ہے کہ مورخہ 04-03-2025 کو صبح 8:30 بجے عدالت میں حاضر ہوں بصورت دیگر یکطرفہ کارروائی عمل میں لائی جائے گی بعدالت سینئر سول جج کراچی شرقی مقدمہ نمبر 2025 بنام درخواست گزار مسمات عوام الناس کو بذریعہ اشتہار ہذا مطلع کیا جاتا ہے کہ مورخہ 04-03-2025 کو صبح 8:30 بجے عدالت میں حاضر ہوں بصورت دیگر یکطرفہ کارروائی عمل میں لائی جائے گی
نمبر9
اعلان عام
بعدالت سینئر سول جج کراچی شرقی مقدمہ نمبر 2025 بنام درخواست گزار مسمات عوام الناس کو بذریعہ اشتہار ہذا مطلع کیا جاتا ہے کہ مورخہ 04-03-2025 کو صبح 8:30 بجے عدالت میں حاضر ہوں بصورت دیگر یکطرفہ کارروائی عمل میں لائی جائے گی بعدالت سینئر سول جج کراچی شرقی مقدمہ نمبر 2025 بنام درخواست گزار مسمات عوام الناس کو بذریعہ اشتہار ہذا مطلع کیا جاتا ہے کہ مورخہ 04-03-2025 کو صبح 8:30 بجے عدالت میں حاضر ہوں بصورت دیگر یکطرفہ کارروائی عمل میں لائی جائے گی بعدالت سینئر سول جج کراچی شرقی مقدمہ نمبر 2025 بنام درخواست گزار مسمات عوام الناس کو بذریعہ اشتہار ہذا مطلع کیا جاتا ہے کہ مورخہ 04-03-2025 کو صبح 8:30 بجے عدالت میں حاضر ہوں بصورت دیگر یکطرفہ کارروائی عمل میں لائی جائے گی
نمبر10
اعلان عام
بعدالت سینئر سول جج کراچی شرقی مقدمہ نمبر 2025 بنام درخواست گزار مسمات عوام الناس کو بذریعہ اشتہار ہذا مطلع کیا جاتا ہے کہ مورخہ 04-03-2025 کو صبح 8:30 بجے عدالت میں حاضر ہوں بصورت دیگر یکطرفہ کارروائی عمل میں لائی جائے گی بعدالت سینئر سول جج کراچی شرقی مقدمہ نمبر 2025 بنام درخواست گزار مسمات عوام الناس کو بذریعہ اشتہار ہذا مطلع کیا جاتا ہے کہ مورخہ 04-03-2025 کو صبح 8:30 بجے عدالت میں حاضر ہوں بصورت دیگر یکطرفہ کارروائی عمل میں لائی جائے گی بعدالت سینئر سول جج کراچی شرقی مقدمہ نمبر 2025 بنام درخواست گزار مسمات عوام الناس کو بذریعہ اشتہار ہذا مطلع کیا جاتا ہے کہ مورخہ 04-03-2025 کو صبح 8:30 بجے عدالت میں حاضر ہوں بصورت دیگر یکطرفہ کارروائی عمل میں لائی جائے گی
بعدالت سینئر سول جج کراچی شرقی مقدمہ نمبر 2025 بنام درخواست گزار مسمات عوام الناس کو بذریعہ اشتہار ہذا مطلع کیا جاتا ہے کہ مورخہ 04-03-2025 کو صبح 8:30 بجے عدالت میں حاضر ہوں بصورت دیگر یکطرفہ کارروائی عمل میں لائی جائے گی بعدالت سینئر سول جج کراچی شرقی مقدمہ نمبر 2025 بنام درخواست گزار مسمات عوام الناس کو بذریعہ اشتہار ہذا مطلع کیا جاتا ہے کہ مورخہ 04-03-2025 کو صبح 8:30 بجے عدالت میں حاضر ہوں بصورت دیگر یکطرفہ کارروائی عمل میں لائی جائے گی بعدالت سینئر سول جج کراچی شرقی مقدمہ نمبر 2025 بنام درخواست گزار مسمات عوام الناس کو بذریعہ اشتہار ہذا مطلع کیا جاتا ہے کہ مورخہ 04-03-2025 کو صبح 8:30 بجے عدالت میں حاضر ہوں بصورت دیگر یکطرفہ کارروائی عمل میں لائی جائے گی بعدالت سینئر سول جج کراچی شرقی مقدمہ نمبر 2025 بنام درخواست گزار مسمات عوام الناس کو بذریعہ اشتہار ہذا مطلع کیا جاتا ہے کہ مورخہ 04-03-2025 کو صبح 8:30 بجے عدالت میں حاضر ہوں بصورت دیگر یکطرفہ کارروائی عمل میں لائی جائے گی
نمبر1
اعلان تقسیم جائیداد
بعدالت سینئر سول جج کراچی شرقی مقدمہ نمبر 2025 بنام درخواست گزار مسمات عوام الناس کو بذریعہ اشتہار ہذا مطلع کیا جاتا ہے کہ مورخہ 04-03-2025 کو صبح 8:30 بجے عدالت میں حاضر ہوں بصورت دیگر یکطرفہ کارروائی عمل میں لائی جائے گی بعدالت سینئر سول جج کراچی شرقی مقدمہ نمبر 2025 بنام درخواست گزار مسمات عوام الناس کو بذریعہ اشتہار ہذا مطلع کیا جاتا ہے کہ مورخہ 04-03-2025 کو صبح 8:30 بجے عدالت میں حاضر ہوں بصورت دیگر یکطرفہ کارروائی عمل میں لائی جائے گی بعدالت سینئر سول جج کراچی شرقی مقدمہ نمبر 2025 بنام درخواست گزار مسمات عوام الناس کو بذریعہ اشتہار ہذا مطلع کیا جاتا ہے کہ مورخہ 04-03-2025 کو صبح 8:30 بجے عدالت میں حاضر ہوں بصورت دیگر یکطرفہ کارروائی عمل میں لائی جائے گی
نمبر2
اعلان حقیقت
بعدالت سینئر سول جج کراچی شرقی مقدمہ نمبر 2025 بنام درخواست گزار مسمات عوام الناس کو بذریعہ اشتہار ہذا مطلع کیا جاتا ہے کہ مورخہ 04-03-2025 کو صبح 8:30 بجے عدالت میں حاضر ہوں بصورت دیگر یکطرفہ کارروائی عمل میں لائی جائے گی بعدالت سینئر سول جج کراچی شرقی مقدمہ نمبر 2025 بنام درخواست گزار مسمات عوام الناس کو بذریعہ اشتہار ہذا مطلع کیا جاتا ہے کہ مورخہ 04-03-2025 کو صبح 8:30 بجے عدالت میں حاضر ہوں بصورت دیگر یکطرفہ کارروائی عمل میں لائی جائے گی بعدالت سینئر سول جج کراچی شرقی مقدمہ نمبر 2025 بنام درخواست گزار مسمات عوام الناس کو بذریعہ اشتہار ہذا مطلع کیا جاتا ہے کہ مورخہ 04-03-2025 کو صبح 8:30 بجے عدالت میں حاضر ہوں بصورت دیگر یکطرفہ کارروائی عمل میں لائی جائے گی
نمبر3
اعلان عام
بعدالت سینئر سول جج کراچی شرقی مقدمہ نمبر 2025 بنام درخواست گزار مسمات عوام الناس کو بذریعہ اشتہار ہذا مطلع کیا جاتا ہے کہ مورخہ 04-03-2025 کو صبح 8:30 بجے عدالت میں حاضر ہوں بصورت دیگر یکطرفہ کارروائی عمل میں لائی جائے گی بعدالت سینئر سول جج کراچی شرقی مقدمہ نمبر 2025 بنام درخواست گزار مسمات عوام الناس کو بذریعہ اشتہار ہذا مطلع کیا جاتا ہے کہ مورخہ 04-03-2025 کو صبح 8:30 بجے عدالت میں حاضر ہوں بصورت دیگر یکطرفہ کارروائی عمل میں لائی جائے گی بعدالت سینئر سول جج کراچی شرقی مقدمہ نمبر 2025 بنام درخواست گزار مسمات عوام الناس کو بذریعہ اشتہار ہذا مطلع کیا جاتا ہے کہ مورخہ 04-03-2025 کو صبح 8:30 بجے عدالت میں حاضر ہوں بصورت دیگر یکطرفہ کارروائی عمل میں لائی جائے گی
نمبر4
اعلان عام
بعدالت سینئر سول جج کراچی شرقی مقدمہ نمبر 2025 بنام درخواست گزار مسمات عوام الناس کو بذریعہ اشتہار ہذا مطلع کیا جاتا ہے کہ مورخہ 04-03-2025 کو صبح 8:30 بجے عدالت میں حاضر ہوں بصورت دیگر یکطرفہ کارروائی عمل میں لائی جائے گی بعدالت سینئر سول جج کراچی شرقی مقدمہ نمبر 2025 بنام درخواست گزار مسمات عوام الناس کو بذریعہ اشتہار ہذا مطلع کیا جاتا ہے کہ مورخہ 04-03-2025 کو صبح 8:30 بجے عدالت میں حاضر ہوں بصورت دیگر یکطرفہ کارروائی عمل میں لائی جائے گی بعدالت سینئر سول جج کراچی شرقی مقدمہ نمبر 2025 بنام درخواست گزار مسمات عوام الناس کو بذریعہ اشتہار ہذا مطلع کیا جاتا ہے کہ مورخہ 04-03-2025 کو صبح 8:30 بجے عدالت میں حاضر ہوں بصورت دیگر یکطرفہ کارروائی عمل میں لائی جائے گی
نمبر5
اعلان عام
بعدالت سینئر سول جج کراچی شرقی مقدمہ نمبر 2025 بنام درخواست گزار مسمات عوام الناس کو بذریعہ اشتہار ہذا مطلع کیا جاتا ہے کہ مورخہ 04-03-2025 کو صبح 8:30 بجے عدالت میں حاضر ہوں بصورت دیگر یکطرفہ کارروائی عمل میں لائی جائے گی بعدالت سینئر سول جج کراچی شرقی مقدمہ نمبر 2025 بنام درخواست گزار مسمات عوام الناس کو بذریعہ اشتہار ہذا مطلع کیا جاتا ہے کہ مورخہ 04-03-2025 کو صبح 8:30 بجے عدالت میں حاضر ہوں بصورت دیگر یکطرفہ کارروائی عمل میں لائی جائے گی بعدالت سینئر سول جج کراچی شرقی مقدمہ نمبر 2025 بنام درخواست گزار مسمات عوام الناس کو بذریعہ اشتہار ہذا مطلع کیا جاتا ہے کہ مورخہ 04-03-2025 کو صبح 8:30 بجے عدالت میں حاضر ہوں بصورت دیگر یکطرفہ کارروائی عمل میں لائی جائے گی
بعدالت سینئر سول جج کراچی شرقی مقدمہ نمبر 2025 بنام درخواست گزار مسمات عوام الناس کو بذریعہ اشتہار ہذا مطلع کیا جاتا ہے کہ مورخہ 04-03-2025 کو صبح 8:30 بجے عدالت میں حاضر ہوں بصورت دیگر یکطرفہ کارروائی عمل میں لائی جائے گی بعدالت سینئر سول جج کراچی شرقی مقدمہ نمبر 2025 بنام درخواست گزار مسمات عوام الناس کو بذریعہ اشتہار ہذا مطلع کیا جاتا ہے کہ مورخہ 04-03-2025 کو صبح 8:30 بجے عدالت میں حاضر ہوں بصورت دیگر یکطرفہ کارروائی عمل میں لائی جائے گی بعدالت سینئر سول جج کراچی شرقی مقدمہ نمبر 2025 بنام درخواست گزار مسمات عوام الناس کو بذریعہ اشتہار ہذا مطلع کیا جاتا ہے کہ مورخہ 04-03-2025 کو صبح 8:30 بجے عدالت میں حاضر ہوں بصورت دیگر یکطرفہ کارروائی عمل میں لائی جائے گی بعدالت سینئر سول جج کراچی شرقی مقدمہ نمبر 2025 بنام درخواست گزار مسمات عوام الناس کو بذریعہ اشتہار ہذا مطلع کیا جاتا ہے کہ مورخہ 04-03-2025 کو صبح 8:30 بجے عدالت میں حاضر ہوں بصورت دیگر یکطرفہ کارروائی عمل میں لائی جائے گی
مختصر اشتہارات
صرف 100/- روپے فی لفظ
اشتہارات کی بکنگ کیلئے رابطہ کریں
021-36655270,71,72
